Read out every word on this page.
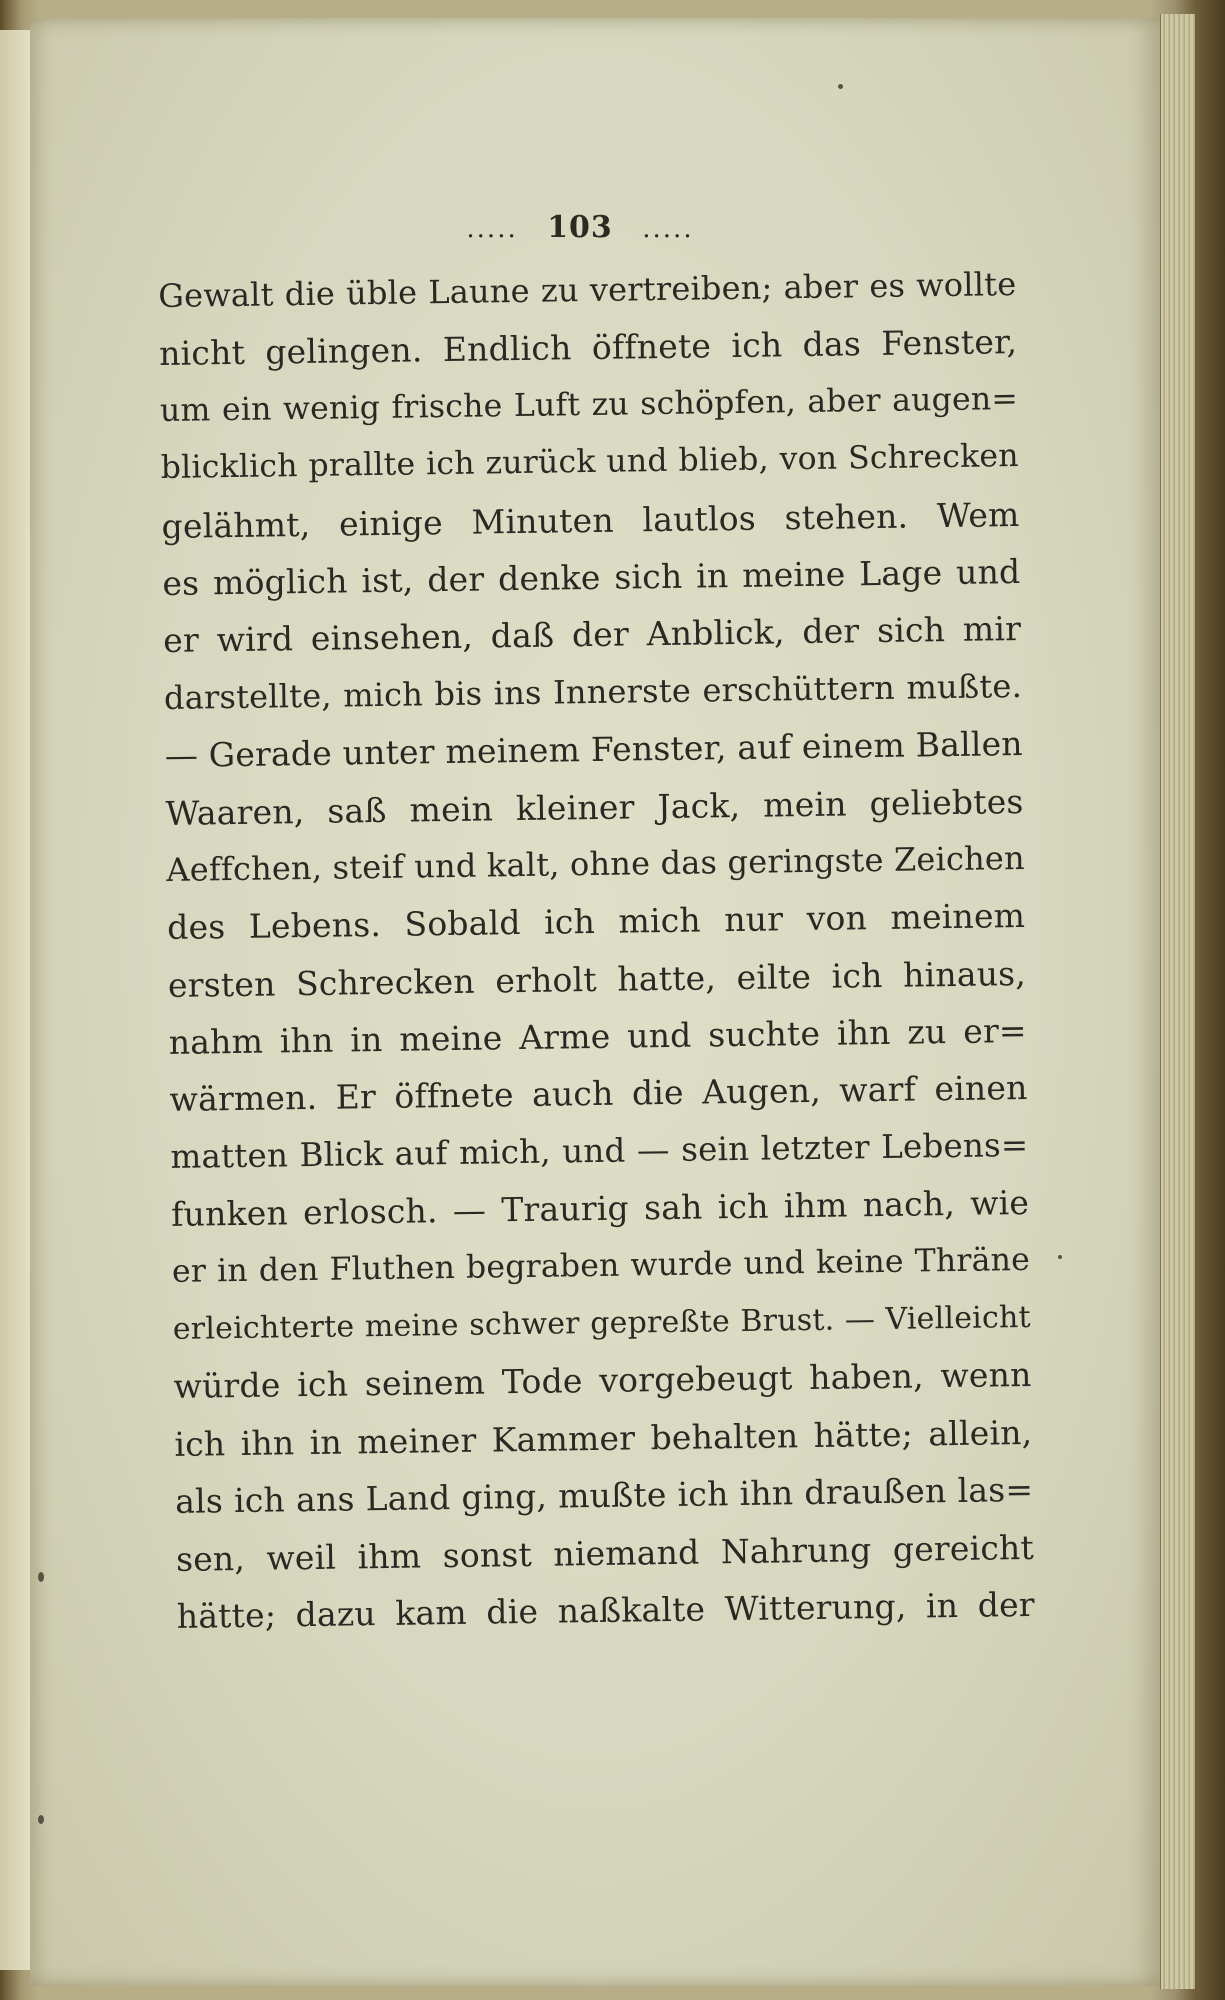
..... 103 .....
Gewalt die üble Laune zu vertreiben; aber es wollte
nicht gelingen. Endlich öffnete ich das Fenster,
um ein wenig frische Luft zu schöpfen, aber augen=
blicklich prallte ich zurück und blieb, von Schrecken
gelähmt, einige Minuten lautlos stehen. Wem
es möglich ist, der denke sich in meine Lage und
er wird einsehen, daß der Anblick, der sich mir
darstellte, mich bis ins Innerste erschüttern mußte.
— Gerade unter meinem Fenster, auf einem Ballen
Waaren, saß mein kleiner Jack, mein geliebtes
Aeffchen, steif und kalt, ohne das geringste Zeichen
des Lebens. Sobald ich mich nur von meinem
ersten Schrecken erholt hatte, eilte ich hinaus,
nahm ihn in meine Arme und suchte ihn zu er=
wärmen. Er öffnete auch die Augen, warf einen
matten Blick auf mich, und — sein letzter Lebens=
funken erlosch. — Traurig sah ich ihm nach, wie
er in den Fluthen begraben wurde und keine Thräne
erleichterte meine schwer gepreßte Brust. — Vielleicht
würde ich seinem Tode vorgebeugt haben, wenn
ich ihn in meiner Kammer behalten hätte; allein,
als ich ans Land ging, mußte ich ihn draußen las=
sen, weil ihm sonst niemand Nahrung gereicht
hätte; dazu kam die naßkalte Witterung, in der
